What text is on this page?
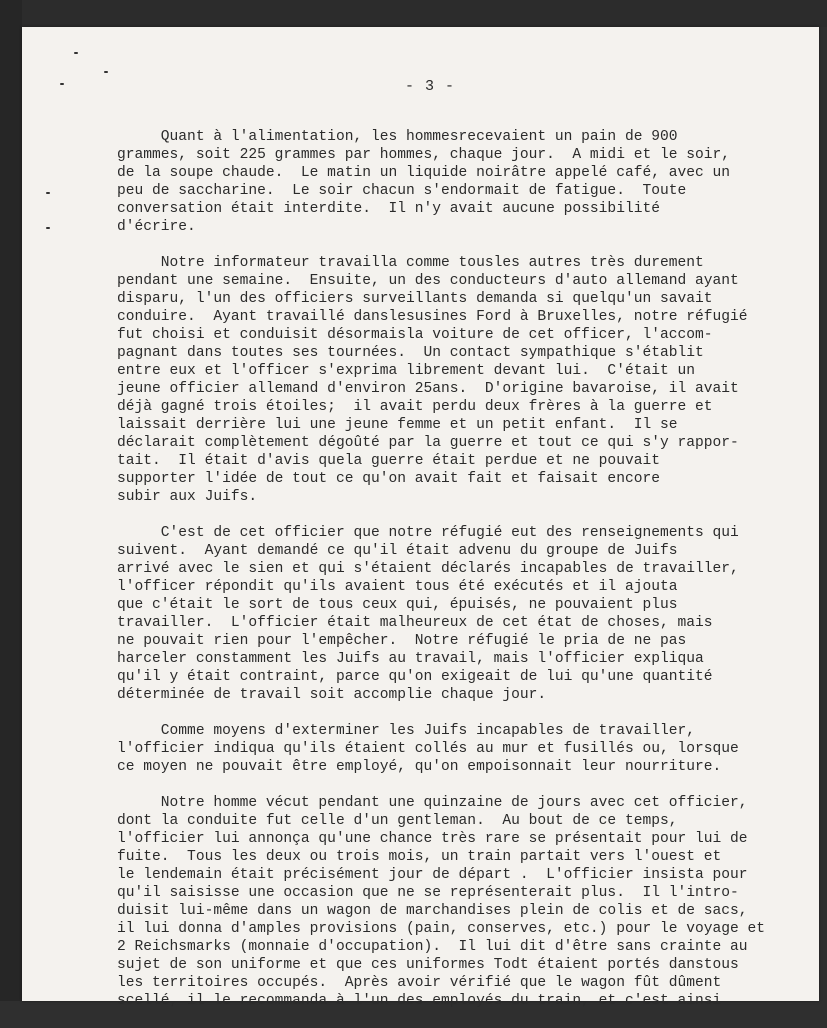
- 3 -
Quant à l'alimentation, les hommesrecevaient un pain de 900
grammes, soit 225 grammes par hommes, chaque jour.  A midi et le soir,
de la soupe chaude.  Le matin un liquide noirâtre appelé café, avec un
peu de saccharine.  Le soir chacun s'endormait de fatigue.  Toute
conversation était interdite.  Il n'y avait aucune possibilité
d'écrire.
Notre informateur travailla comme tousles autres très durement
pendant une semaine.  Ensuite, un des conducteurs d'auto allemand ayant
disparu, l'un des officiers surveillants demanda si quelqu'un savait
conduire.  Ayant travaillé danslesusines Ford à Bruxelles, notre réfugié
fut choisi et conduisit désormaisla voiture de cet officer, l'accom-
pagnant dans toutes ses tournées.  Un contact sympathique s'établit
entre eux et l'officer s'exprima librement devant lui.  C'était un
jeune officier allemand d'environ 25ans.  D'origine bavaroise, il avait
déjà gagné trois étoiles;  il avait perdu deux frères à la guerre et
laissait derrière lui une jeune femme et un petit enfant.  Il se
déclarait complètement dégoûté par la guerre et tout ce qui s'y rappor-
tait.  Il était d'avis quela guerre était perdue et ne pouvait
supporter l'idée de tout ce qu'on avait fait et faisait encore
subir aux Juifs.
C'est de cet officier que notre réfugié eut des renseignements qui
suivent.  Ayant demandé ce qu'il était advenu du groupe de Juifs
arrivé avec le sien et qui s'étaient déclarés incapables de travailler,
l'officer répondit qu'ils avaient tous été exécutés et il ajouta
que c'était le sort de tous ceux qui, épuisés, ne pouvaient plus
travailler.  L'officier était malheureux de cet état de choses, mais
ne pouvait rien pour l'empêcher.  Notre réfugié le pria de ne pas
harceler constamment les Juifs au travail, mais l'officier expliqua
qu'il y était contraint, parce qu'on exigeait de lui qu'une quantité
déterminée de travail soit accomplie chaque jour.
Comme moyens d'exterminer les Juifs incapables de travailler,
l'officier indiqua qu'ils étaient collés au mur et fusillés ou, lorsque
ce moyen ne pouvait être employé, qu'on empoisonnait leur nourriture.
Notre homme vécut pendant une quinzaine de jours avec cet officier,
dont la conduite fut celle d'un gentleman.  Au bout de ce temps,
l'officier lui annonça qu'une chance très rare se présentait pour lui de
fuite.  Tous les deux ou trois mois, un train partait vers l'ouest et
le lendemain était précisément jour de départ .  L'officier insista pour
qu'il saisisse une occasion que ne se représenterait plus.  Il l'intro-
duisit lui-même dans un wagon de marchandises plein de colis et de sacs,
il lui donna d'amples provisions (pain, conserves, etc.) pour le voyage et
2 Reichsmarks (monnaie d'occupation).  Il lui dit d'être sans crainte au
sujet de son uniforme et que ces uniformes Todt étaient portés danstous
les territoires occupés.  Après avoir vérifié que le wagon fût dûment
scellé, il le recommanda à l'un des employés du train, et c'est ainsi
